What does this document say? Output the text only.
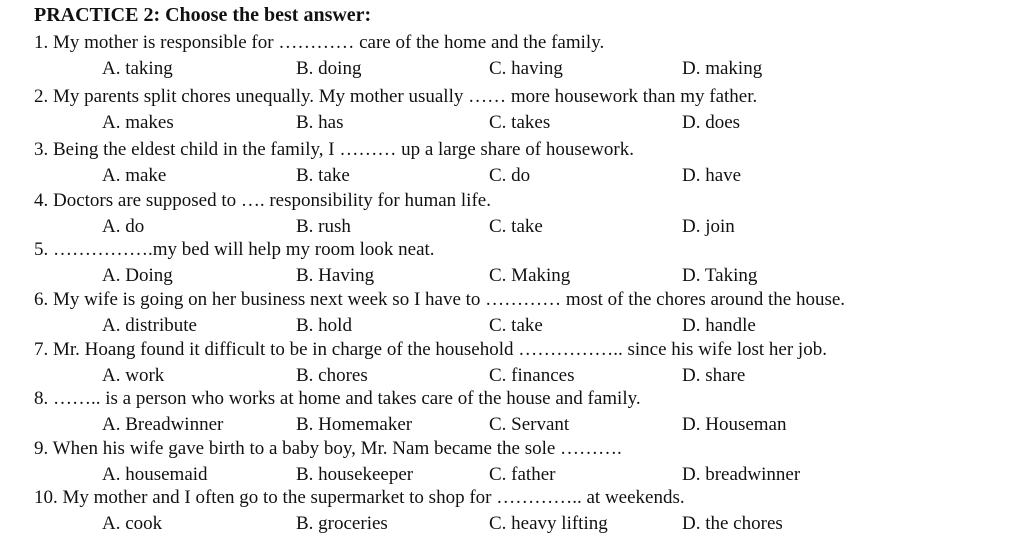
PRACTICE 2: Choose the best answer:
1. My mother is responsible for ………… care of the home and the family.
A. taking	B. doing	C. having	D. making
2. My parents split chores unequally. My mother usually …… more housework than my father.
A. makes	B. has	C. takes	D. does
3. Being the eldest child in the family, I ……… up a large share of housework.
A. make	B. take	C. do	D. have
4. Doctors are supposed to …. responsibility for human life.
A. do	B. rush	C. take	D. join
5. …………….my bed will help my room look neat.
A. Doing	B. Having	C. Making	D. Taking
6. My wife is going on her business next week so I have to ………… most of the chores around the house.
A. distribute	B. hold	C. take	D. handle
7. Mr. Hoang found it difficult to be in charge of the household …………….. since his wife lost her job.
A. work	B. chores	C. finances	D. share
8. …….. is a person who works at home and takes care of the house and family.
A. Breadwinner	B. Homemaker	C. Servant	D. Houseman
9. When his wife gave birth to a baby boy, Mr. Nam became the sole ……….
A. housemaid	B. housekeeper	C. father	D. breadwinner
10. My mother and I often go to the supermarket to shop for ………….. at weekends.
A. cook	B. groceries	C. heavy lifting	D. the chores
